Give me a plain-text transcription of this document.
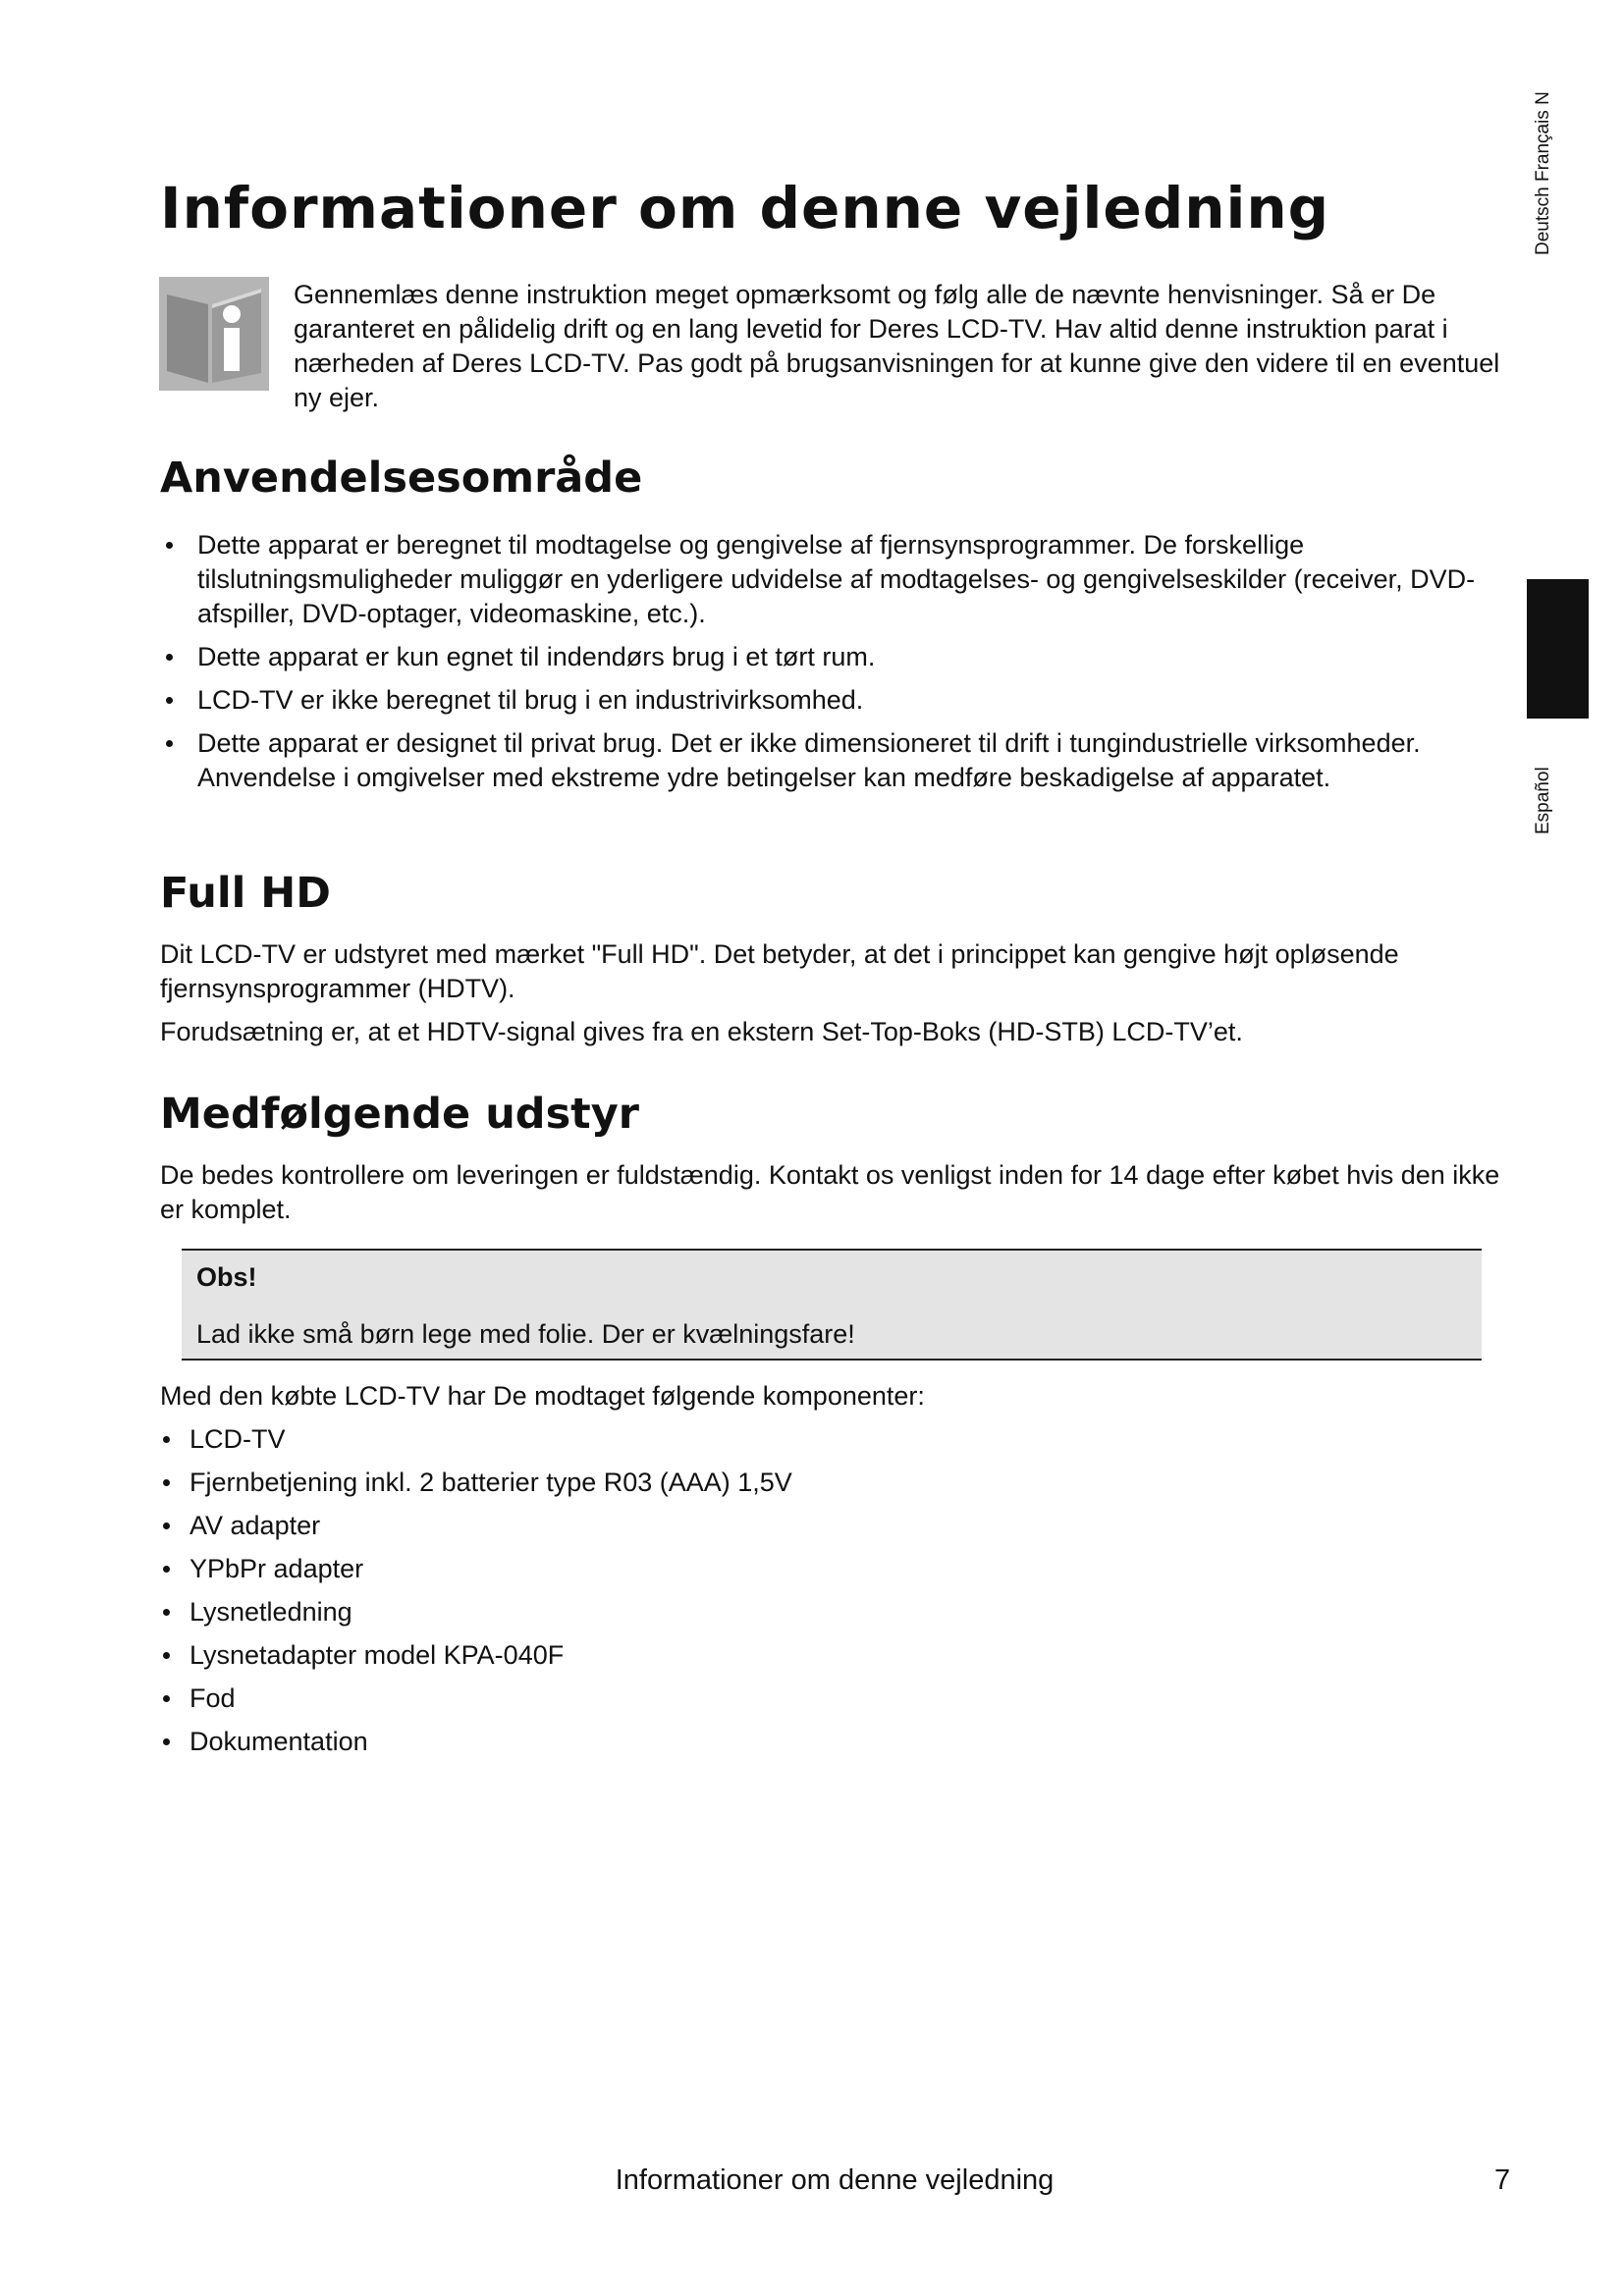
Informationer om denne vejledning

Gennemlæs denne instruktion meget opmærksomt og følg alle de nævnte henvisninger. Så er De garanteret en pålidelig drift og en lang levetid for Deres LCD-TV. Hav altid denne instruktion parat i nærheden af Deres LCD-TV. Pas godt på brugsanvisningen for at kunne give den videre til en eventuel ny ejer.

Anvendelsesområde
Dette apparat er beregnet til modtagelse og gengivelse af fjernsynsprogrammer. De forskellige tilslutningsmuligheder muliggør en yderligere udvidelse af modtagelses- og gengivelseskilder (receiver, DVD-afspiller, DVD-optager, videomaskine, etc.).
Dette apparat er kun egnet til indendørs brug i et tørt rum.
LCD-TV er ikke beregnet til brug i en industrivirksomhed.
Dette apparat er designet til privat brug. Det er ikke dimensioneret til drift i tungindustrielle virksomheder. Anvendelse i omgivelser med ekstreme ydre betingelser kan medføre beskadigelse af apparatet.
Full HD

Dit LCD-TV er udstyret med mærket "Full HD". Det betyder, at det i princippet kan gengive højt opløsende fjernsynsprogrammer (HDTV).

Forudsætning er, at et HDTV-signal gives fra en ekstern Set-Top-Boks (HD-STB) LCD-TV’et.

Medfølgende udstyr

De bedes kontrollere om leveringen er fuldstændig. Kontakt os venligst inden for 14 dage efter købet hvis den ikke er komplet.

Obs!

Lad ikke små børn lege med folie. Der er kvælningsfare!

Med den købte LCD-TV har De modtaget følgende komponenter:

LCD-TV
Fjernbetjening inkl. 2 batterier type R03 (AAA) 1,5V
AV adapter
YPbPr adapter
Lysnetledning
Lysnetadapter model KPA-040F
Fod
Dokumentation
Deutsch Français N
Español
Informationer om denne vejledning	7
